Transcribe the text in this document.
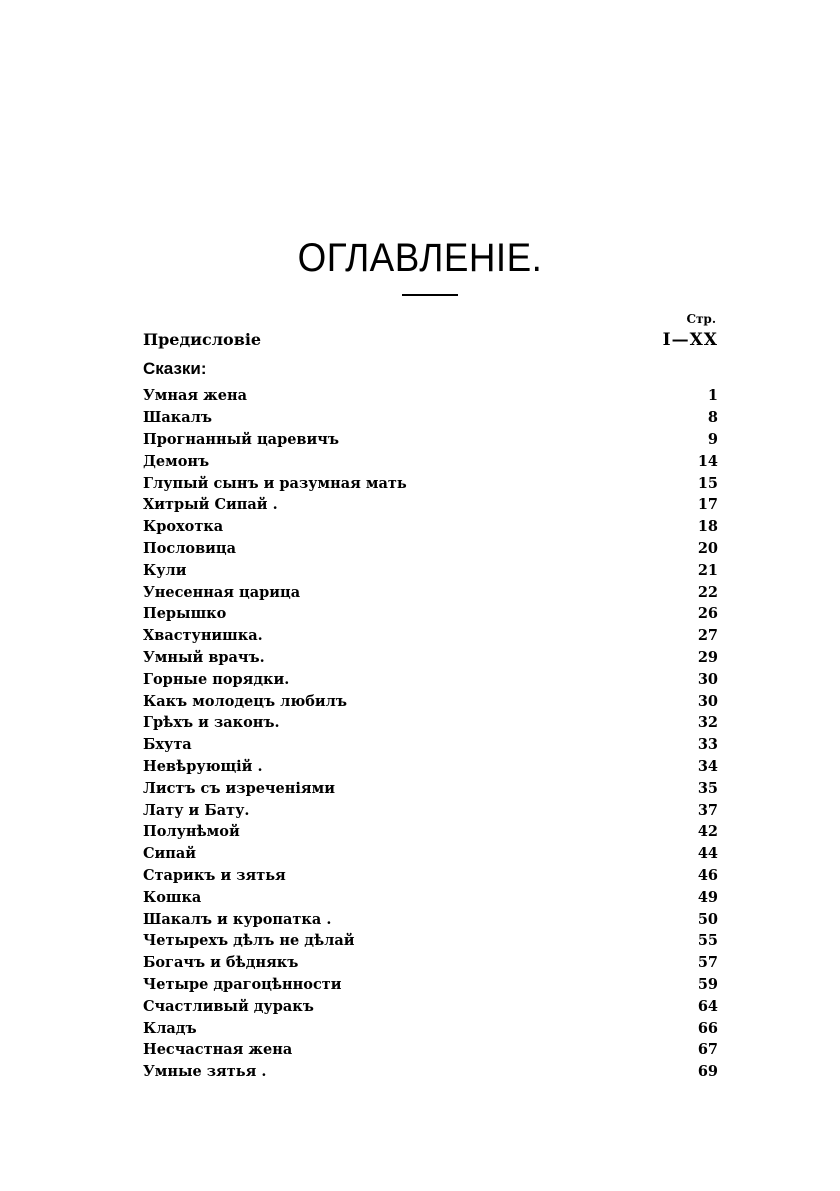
ОГЛАВЛЕНІЕ.
Стр.
Предисловіе	I—XX
Сказки:
Умная жена	1
Шакалъ	8
Прогнанный царевичъ	9
Демонъ	14
Глупый сынъ и разумная мать	15
Хитрый Сипай .	17
Крохотка	18
Пословица	20
Кули	21
Унесенная царица	22
Перышко	26
Хвастунишка.	27
Умный врачъ.	29
Горные порядки.	30
Какъ молодецъ любилъ	30
Грѣхъ и законъ.	32
Бхута	33
Невѣрующій .	34
Листъ съ изреченіями	35
Лату и Бату.	37
Полунѣмой	42
Сипай	44
Старикъ и зятья	46
Кошка	49
Шакалъ и куропатка .	50
Четырехъ дѣлъ не дѣлай	55
Богачъ и бѣднякъ	57
Четыре драгоцѣнности	59
Счастливый дуракъ	64
Кладъ	66
Несчастная жена	67
Умные зятья .	69
